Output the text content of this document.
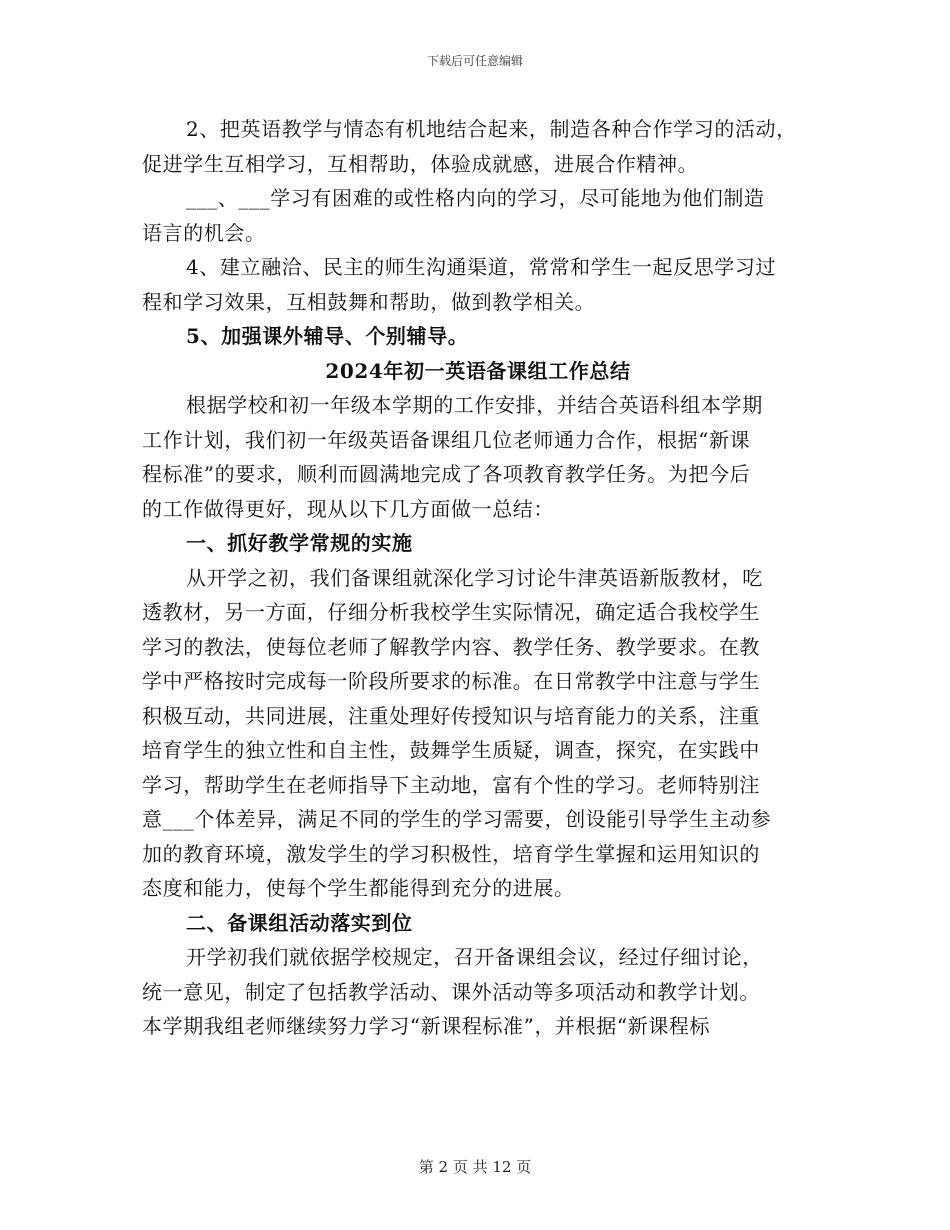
下载后可任意编辑
2、把英语教学与情态有机地结合起来，制造各种合作学习的活动，
促进学生互相学习，互相帮助，体验成就感，进展合作精神。
___、___学习有困难的或性格内向的学习，尽可能地为他们制造
语言的机会。
4、建立融洽、民主的师生沟通渠道，常常和学生一起反思学习过
程和学习效果，互相鼓舞和帮助，做到教学相关。
5、加强课外辅导、个别辅导。
2024年初一英语备课组工作总结
根据学校和初一年级本学期的工作安排，并结合英语科组本学期
工作计划，我们初一年级英语备课组几位老师通力合作，根据“新课
程标准”的要求，顺利而圆满地完成了各项教育教学任务。为把今后
的工作做得更好，现从以下几方面做一总结：
一、抓好教学常规的实施
从开学之初，我们备课组就深化学习讨论牛津英语新版教材，吃
透教材，另一方面，仔细分析我校学生实际情况，确定适合我校学生
学习的教法，使每位老师了解教学内容、教学任务、教学要求。在教
学中严格按时完成每一阶段所要求的标准。在日常教学中注意与学生
积极互动，共同进展，注重处理好传授知识与培育能力的关系，注重
培育学生的独立性和自主性，鼓舞学生质疑，调查，探究，在实践中
学习，帮助学生在老师指导下主动地，富有个性的学习。老师特别注
意___个体差异，满足不同的学生的学习需要，创设能引导学生主动参
加的教育环境，激发学生的学习积极性，培育学生掌握和运用知识的
态度和能力，使每个学生都能得到充分的进展。
二、备课组活动落实到位
开学初我们就依据学校规定，召开备课组会议，经过仔细讨论，
统一意见，制定了包括教学活动、课外活动等多项活动和教学计划。
本学期我组老师继续努力学习“新课程标准”，并根据“新课程标
第 2 页 共 12 页
